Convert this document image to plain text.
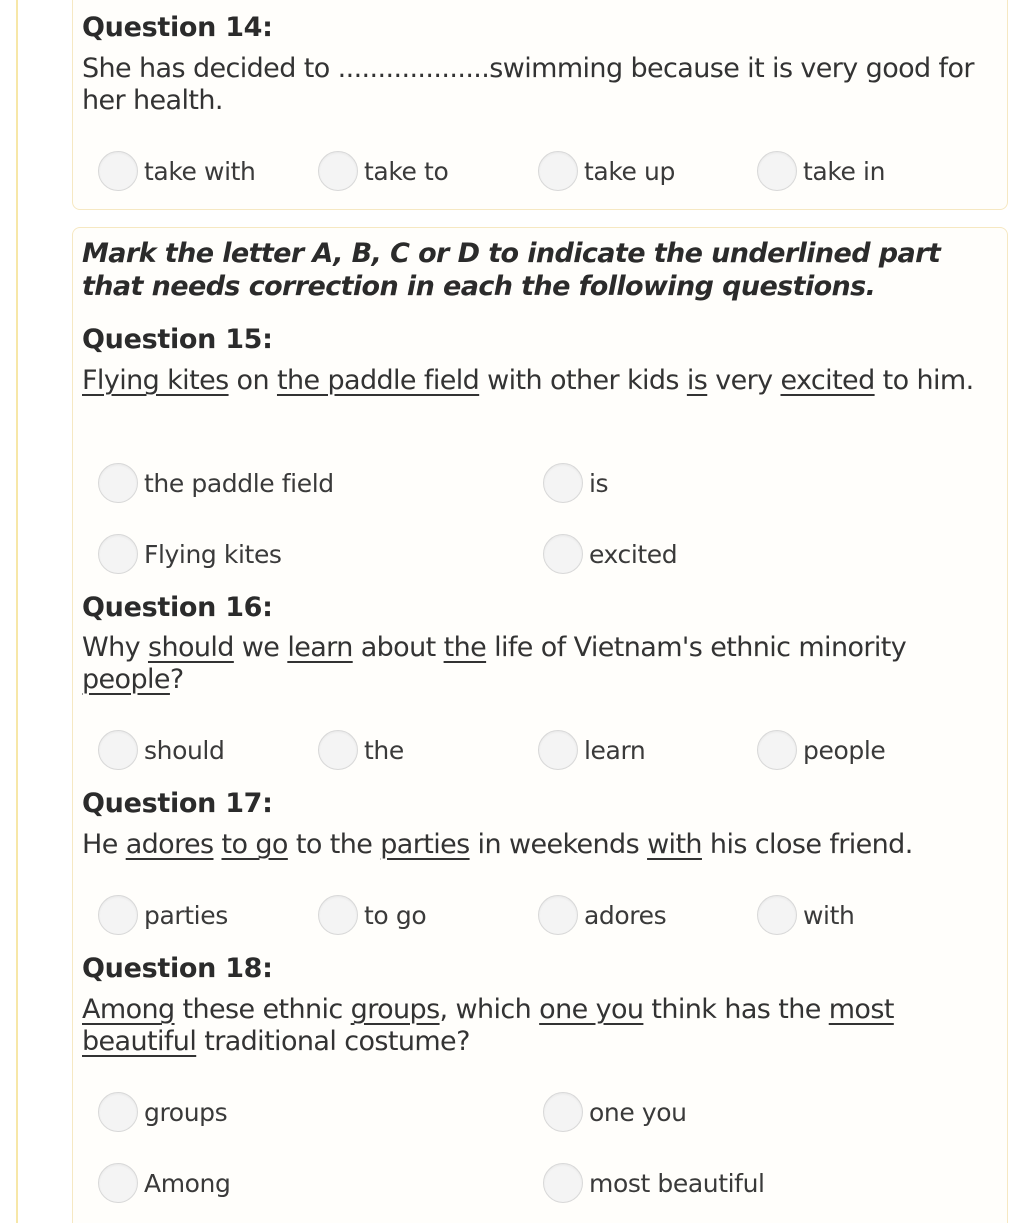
Question 14:
She has decided to ...................swimming because it is very good for her health.
take with	take to	take up	take in
Mark the letter A, B, C or D to indicate the underlined part that needs correction in each the following questions.
Question 15:
Flying kites on the paddle field with other kids is very excited to him.
the paddle field	is
Flying kites	excited
Question 16:
Why should we learn about the life of Vietnam's ethnic minority people?
should	the	learn	people
Question 17:
He adores to go to the parties in weekends with his close friend.
parties	to go	adores	with
Question 18:
Among these ethnic groups, which one you think has the most beautiful traditional costume?
groups	one you
Among	most beautiful
